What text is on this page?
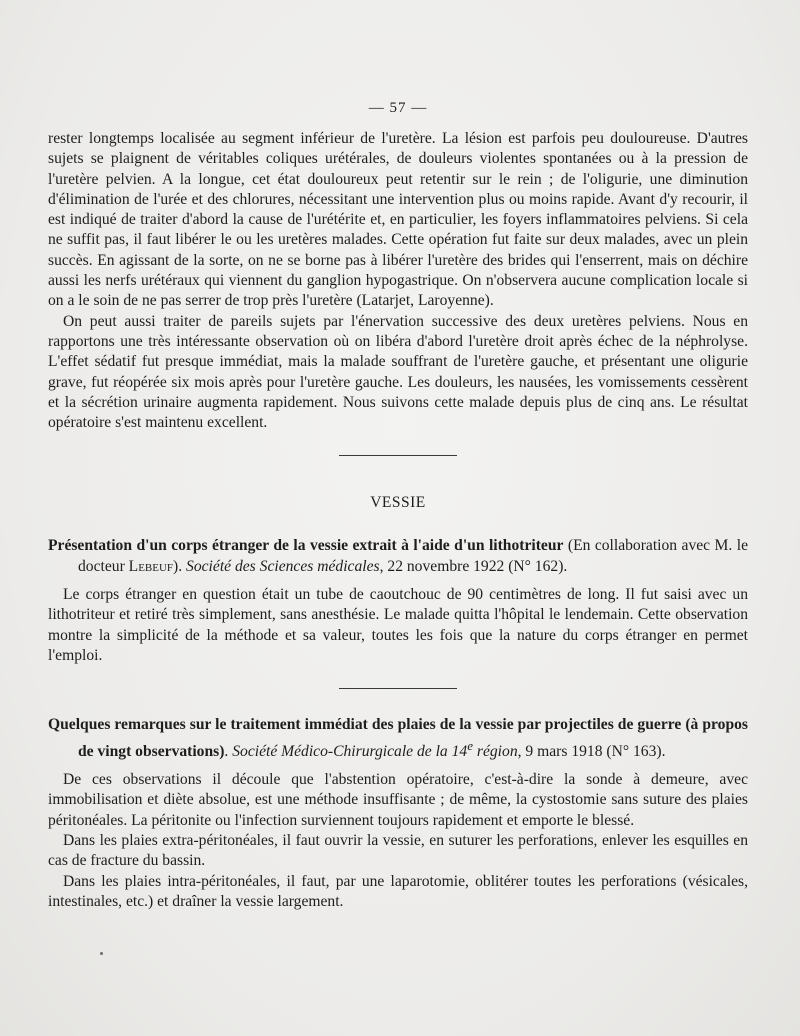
— 57 —

rester longtemps localisée au segment inférieur de l'uretère. La lésion est parfois peu douloureuse. D'autres sujets se plaignent de véritables coliques urétérales, de douleurs violentes spontanées ou à la pression de l'uretère pelvien. A la longue, cet état douloureux peut retentir sur le rein ; de l'oligurie, une diminution d'élimination de l'urée et des chlorures, nécessitant une intervention plus ou moins rapide. Avant d'y recourir, il est indiqué de traiter d'abord la cause de l'urétérite et, en particulier, les foyers inflammatoires pelviens. Si cela ne suffit pas, il faut libérer le ou les uretères malades. Cette opération fut faite sur deux malades, avec un plein succès. En agissant de la sorte, on ne se borne pas à libérer l'uretère des brides qui l'enserrent, mais on déchire aussi les nerfs urétéraux qui viennent du ganglion hypogastrique. On n'observera aucune complication locale si on a le soin de ne pas serrer de trop près l'uretère (Latarjet, Laroyenne).

On peut aussi traiter de pareils sujets par l'énervation successive des deux uretères pelviens. Nous en rapportons une très intéressante observation où on libéra d'abord l'uretère droit après échec de la néphrolyse. L'effet sédatif fut presque immédiat, mais la malade souffrant de l'uretère gauche, et présentant une oligurie grave, fut réopérée six mois après pour l'uretère gauche. Les douleurs, les nausées, les vomissements cessèrent et la sécrétion urinaire augmenta rapidement. Nous suivons cette malade depuis plus de cinq ans. Le résultat opératoire s'est maintenu excellent.

VESSIE
Présentation d'un corps étranger de la vessie extrait à l'aide d'un lithotriteur (En collaboration avec M. le docteur Lebeuf). Société des Sciences médicales, 22 novembre 1922 (N° 162).

Le corps étranger en question était un tube de caoutchouc de 90 centimètres de long. Il fut saisi avec un lithotriteur et retiré très simplement, sans anesthésie. Le malade quitta l'hôpital le lendemain. Cette observation montre la simplicité de la méthode et sa valeur, toutes les fois que la nature du corps étranger en permet l'emploi.

Quelques remarques sur le traitement immédiat des plaies de la vessie par projectiles de guerre (à propos de vingt observations). Société Médico-Chirurgicale de la 14e région, 9 mars 1918 (N° 163).

De ces observations il découle que l'abstention opératoire, c'est-à-dire la sonde à demeure, avec immobilisation et diète absolue, est une méthode insuffisante ; de même, la cystostomie sans suture des plaies péritonéales. La péritonite ou l'infection surviennent toujours rapidement et emporte le blessé.

Dans les plaies extra-péritonéales, il faut ouvrir la vessie, en suturer les perforations, enlever les esquilles en cas de fracture du bassin.

Dans les plaies intra-péritonéales, il faut, par une laparotomie, oblitérer toutes les perforations (vésicales, intestinales, etc.) et draîner la vessie largement.
